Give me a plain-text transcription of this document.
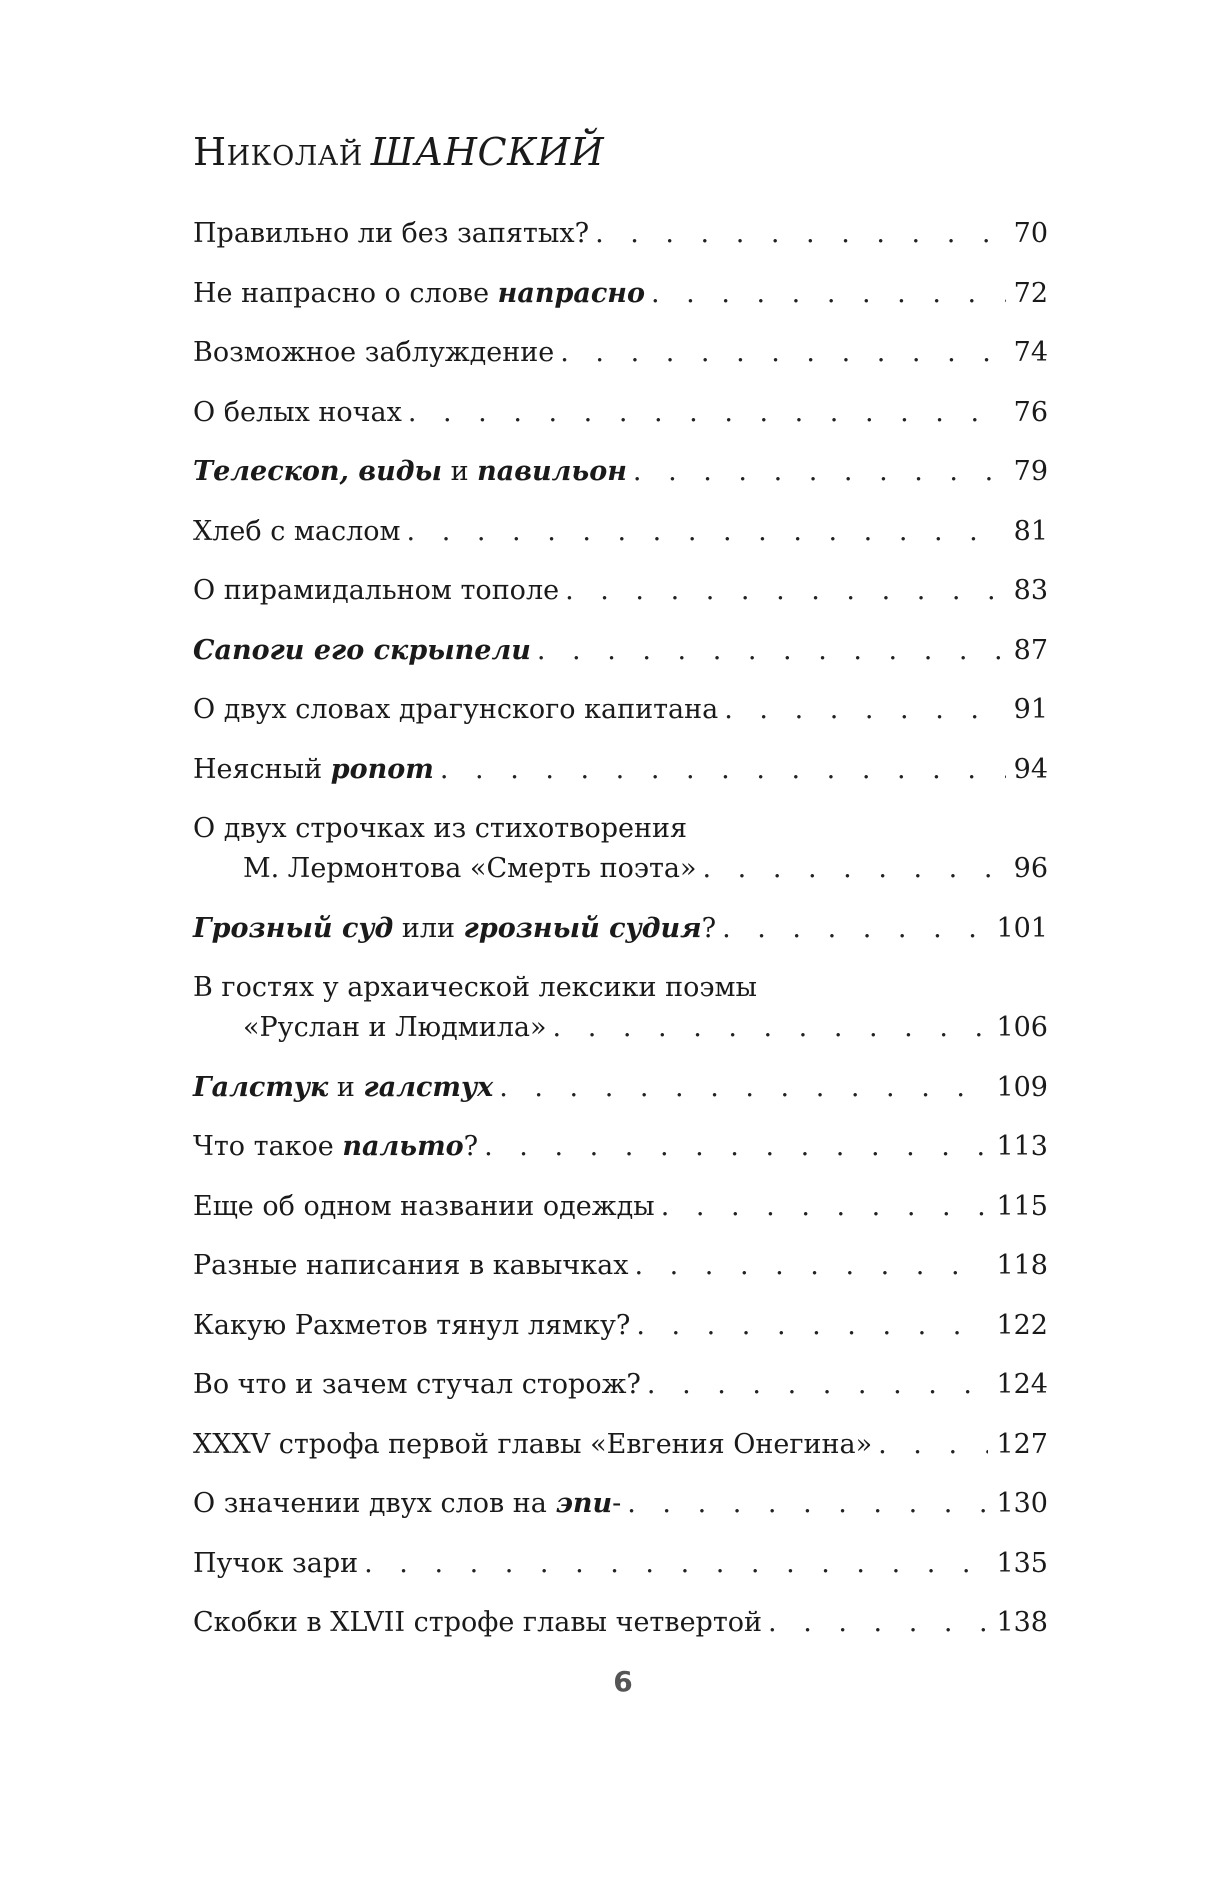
Николай ШАНСКИЙ
Правильно ли без запятых? . . .	70
Не напрасно о слове напрасно . . .	72
Возможное заблуждение . . .	74
О белых ночах . . .	76
Телескоп, виды и павильон . . .	79
Хлеб с маслом . . .	81
О пирамидальном тополе . . .	83
Сапоги его скрыпели . . .	87
О двух словах драгунского капитана . . .	91
Неясный ропот . . .	94
О двух строчках из стихотворения
М. Лермонтова «Смерть поэта» . . .	96
Грозный суд или грозный судия? . . .	101
В гостях у архаической лексики поэмы
«Руслан и Людмила» . . .	106
Галстук и галстух . . .	109
Что такое пальто? . . .	113
Еще об одном названии одежды . . .	115
Разные написания в кавычках . . .	118
Какую Рахметов тянул лямку? . . .	122
Во что и зачем стучал сторож? . . .	124
XXXV строфа первой главы «Евгения Онегина» . . .	127
О значении двух слов на эпи- . . .	130
Пучок зари . . .	135
Скобки в XLVII строфе главы четвертой . . .	138
6
